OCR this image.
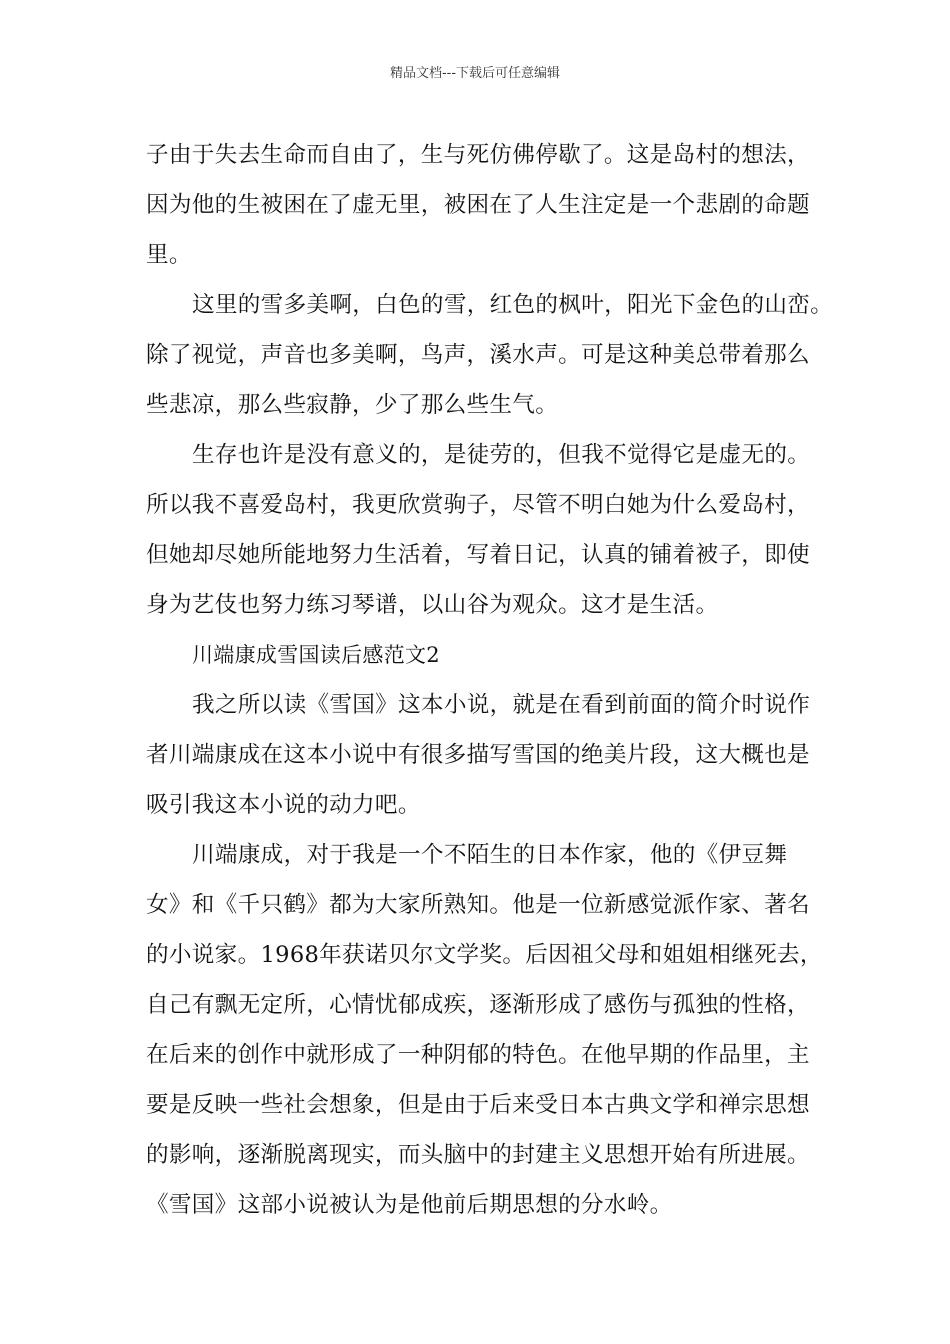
精品文档---下载后可任意编辑
子由于失去生命而自由了，生与死仿佛停歇了。这是岛村的想法，
因为他的生被困在了虚无里，被困在了人生注定是一个悲剧的命题
里。
这里的雪多美啊，白色的雪，红色的枫叶，阳光下金色的山峦。
除了视觉，声音也多美啊，鸟声，溪水声。可是这种美总带着那么
些悲凉，那么些寂静，少了那么些生气。
生存也许是没有意义的，是徒劳的，但我不觉得它是虚无的。
所以我不喜爱岛村，我更欣赏驹子，尽管不明白她为什么爱岛村，
但她却尽她所能地努力生活着，写着日记，认真的铺着被子，即使
身为艺伎也努力练习琴谱，以山谷为观众。这才是生活。
川端康成雪国读后感范文2
我之所以读《雪国》这本小说，就是在看到前面的简介时说作
者川端康成在这本小说中有很多描写雪国的绝美片段，这大概也是
吸引我这本小说的动力吧。
川端康成，对于我是一个不陌生的日本作家，他的《伊豆舞
女》和《千只鹤》都为大家所熟知。他是一位新感觉派作家、著名
的小说家。1968年获诺贝尔文学奖。后因祖父母和姐姐相继死去，
自己有飘无定所，心情忧郁成疾，逐渐形成了感伤与孤独的性格，
在后来的创作中就形成了一种阴郁的特色。在他早期的作品里，主
要是反映一些社会想象，但是由于后来受日本古典文学和禅宗思想
的影响，逐渐脱离现实，而头脑中的封建主义思想开始有所进展。
《雪国》这部小说被认为是他前后期思想的分水岭。
